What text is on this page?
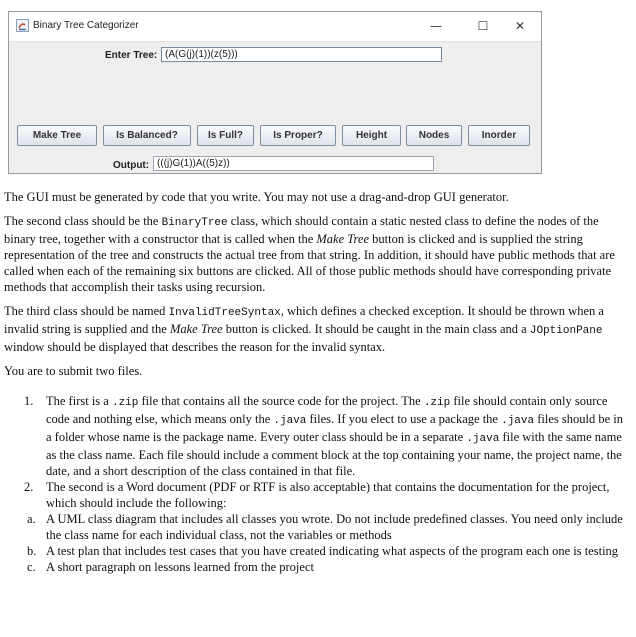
Binary Tree Categorizer	—	☐	✕
Enter Tree: (A(G(j)(1))(z(5)))
Make Tree	Is Balanced?	Is Full?	Is Proper?	Height	Nodes	Inorder
Output: (((j)G(1))A((5)z))

The GUI must be generated by code that you write. You may not use a drag-and-drop GUI generator.

The second class should be the BinaryTree class, which should contain a static nested class to define the nodes of the binary tree, together with a constructor that is called when the Make Tree button is clicked and is supplied the string representation of the tree and constructs the actual tree from that string. In addition, it should have public methods that are called when each of the remaining six buttons are clicked. All of those public methods should have corresponding private methods that accomplish their tasks using recursion.

The third class should be named InvalidTreeSyntax, which defines a checked exception. It should be thrown when a invalid string is supplied and the Make Tree button is clicked. It should be caught in the main class and a JOptionPane window should be displayed that describes the reason for the invalid syntax.

You are to submit two files.

1. The first is a .zip file that contains all the source code for the project. The .zip file should contain only source code and nothing else, which means only the .java files. If you elect to use a package the .java files should be in a folder whose name is the package name. Every outer class should be in a separate .java file with the same name as the class name. Each file should include a comment block at the top containing your name, the project name, the date, and a short description of the class contained in that file.
2. The second is a Word document (PDF or RTF is also acceptable) that contains the documentation for the project, which should include the following:
a. A UML class diagram that includes all classes you wrote. Do not include predefined classes. You need only include the class name for each individual class, not the variables or methods
b. A test plan that includes test cases that you have created indicating what aspects of the program each one is testing
c. A short paragraph on lessons learned from the project
